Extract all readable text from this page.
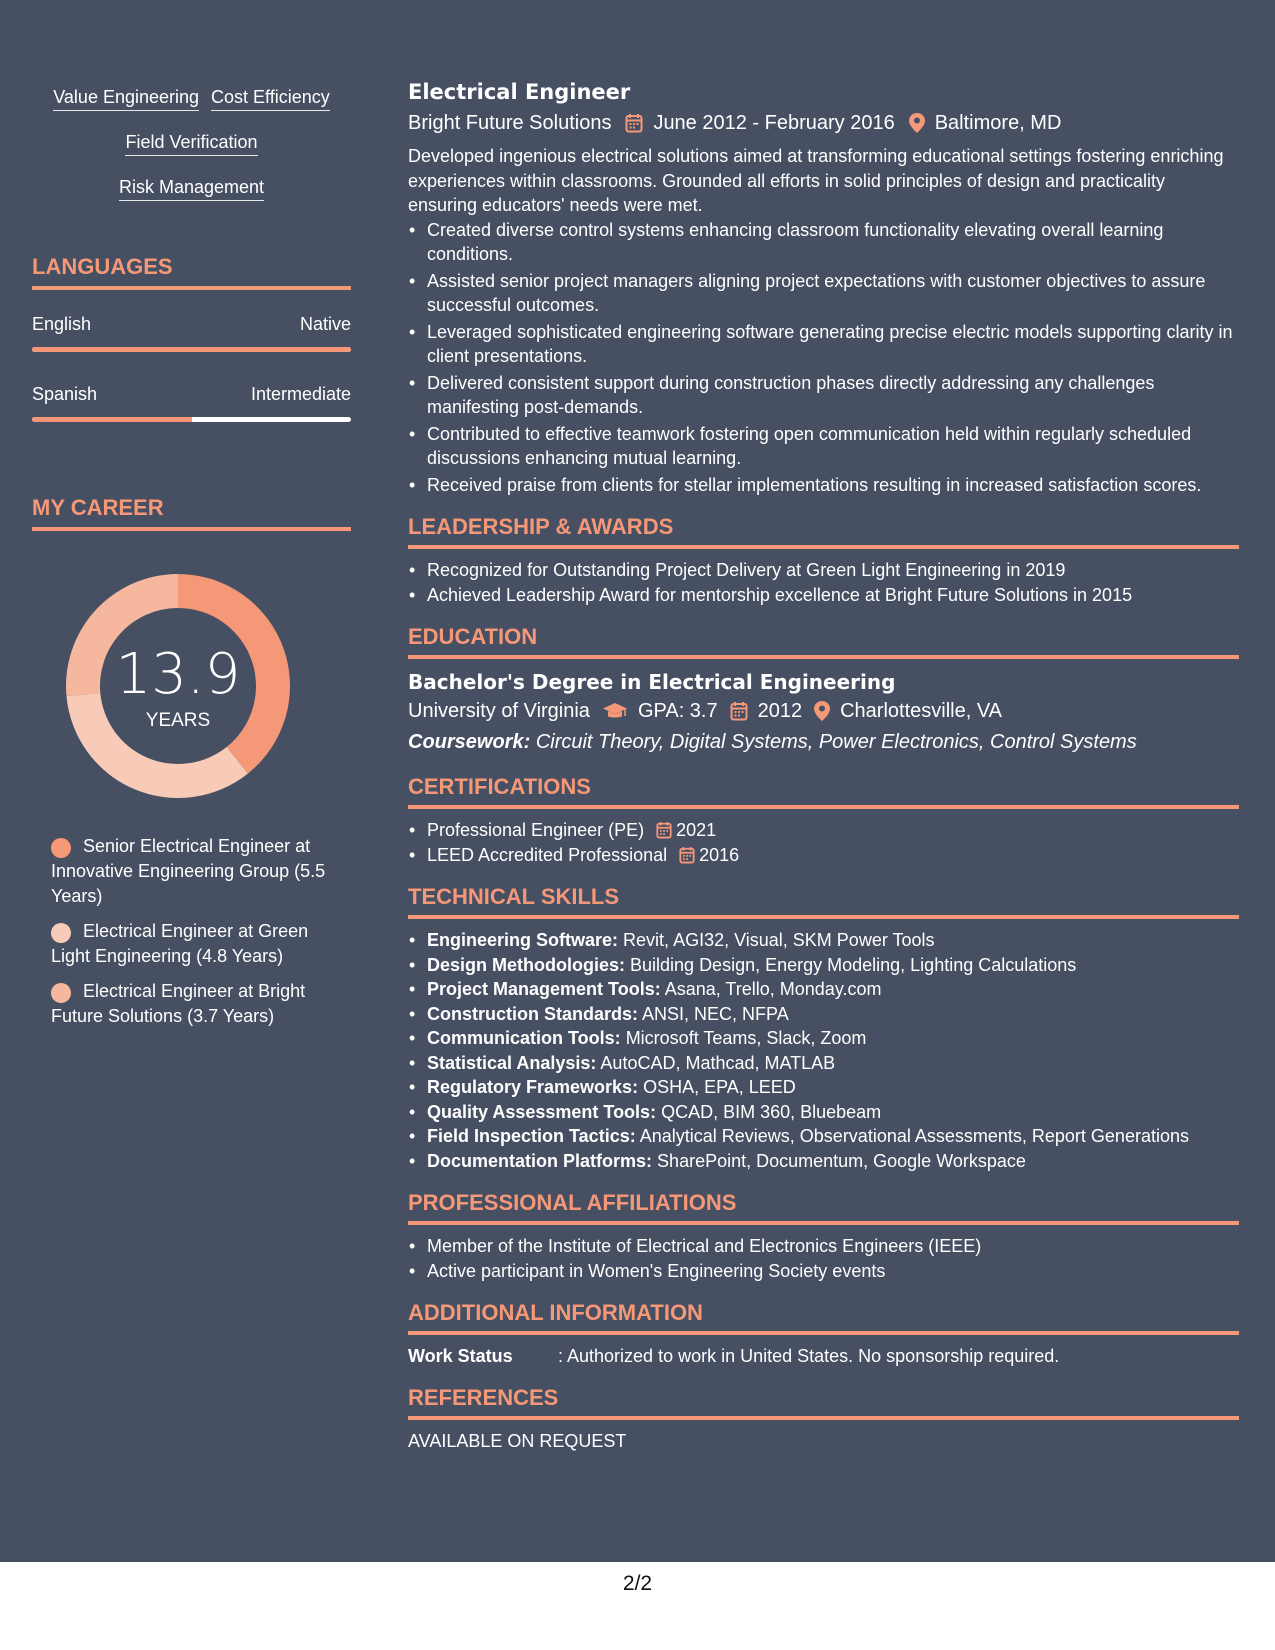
Value Engineering Cost Efficiency
Field Verification
Risk Management
LANGUAGES
English	Native
Spanish	Intermediate
MY CAREER
13.9
YEARS
Senior Electrical Engineer at Innovative Engineering Group (5.5 Years)
Electrical Engineer at Green Light Engineering (4.8 Years)
Electrical Engineer at Bright Future Solutions (3.7 Years)
Electrical Engineer
Bright Future Solutions June 2012 - February 2016 Baltimore, MD
Developed ingenious electrical solutions aimed at transforming educational settings fostering enriching experiences within classrooms. Grounded all efforts in solid principles of design and practicality ensuring educators' needs were met.
• Created diverse control systems enhancing classroom functionality elevating overall learning conditions.
• Assisted senior project managers aligning project expectations with customer objectives to assure successful outcomes.
• Leveraged sophisticated engineering software generating precise electric models supporting clarity in client presentations.
• Delivered consistent support during construction phases directly addressing any challenges manifesting post-demands.
• Contributed to effective teamwork fostering open communication held within regularly scheduled discussions enhancing mutual learning.
• Received praise from clients for stellar implementations resulting in increased satisfaction scores.
LEADERSHIP & AWARDS
• Recognized for Outstanding Project Delivery at Green Light Engineering in 2019
• Achieved Leadership Award for mentorship excellence at Bright Future Solutions in 2015
EDUCATION
Bachelor's Degree in Electrical Engineering
University of Virginia GPA: 3.7 2012 Charlottesville, VA
Coursework: Circuit Theory, Digital Systems, Power Electronics, Control Systems
CERTIFICATIONS
• Professional Engineer (PE) 2021
• LEED Accredited Professional 2016
TECHNICAL SKILLS
• Engineering Software: Revit, AGI32, Visual, SKM Power Tools
• Design Methodologies: Building Design, Energy Modeling, Lighting Calculations
• Project Management Tools: Asana, Trello, Monday.com
• Construction Standards: ANSI, NEC, NFPA
• Communication Tools: Microsoft Teams, Slack, Zoom
• Statistical Analysis: AutoCAD, Mathcad, MATLAB
• Regulatory Frameworks: OSHA, EPA, LEED
• Quality Assessment Tools: QCAD, BIM 360, Bluebeam
• Field Inspection Tactics: Analytical Reviews, Observational Assessments, Report Generations
• Documentation Platforms: SharePoint, Documentum, Google Workspace
PROFESSIONAL AFFILIATIONS
• Member of the Institute of Electrical and Electronics Engineers (IEEE)
• Active participant in Women's Engineering Society events
ADDITIONAL INFORMATION
Work Status	: Authorized to work in United States. No sponsorship required.
REFERENCES
AVAILABLE ON REQUEST
2/2
